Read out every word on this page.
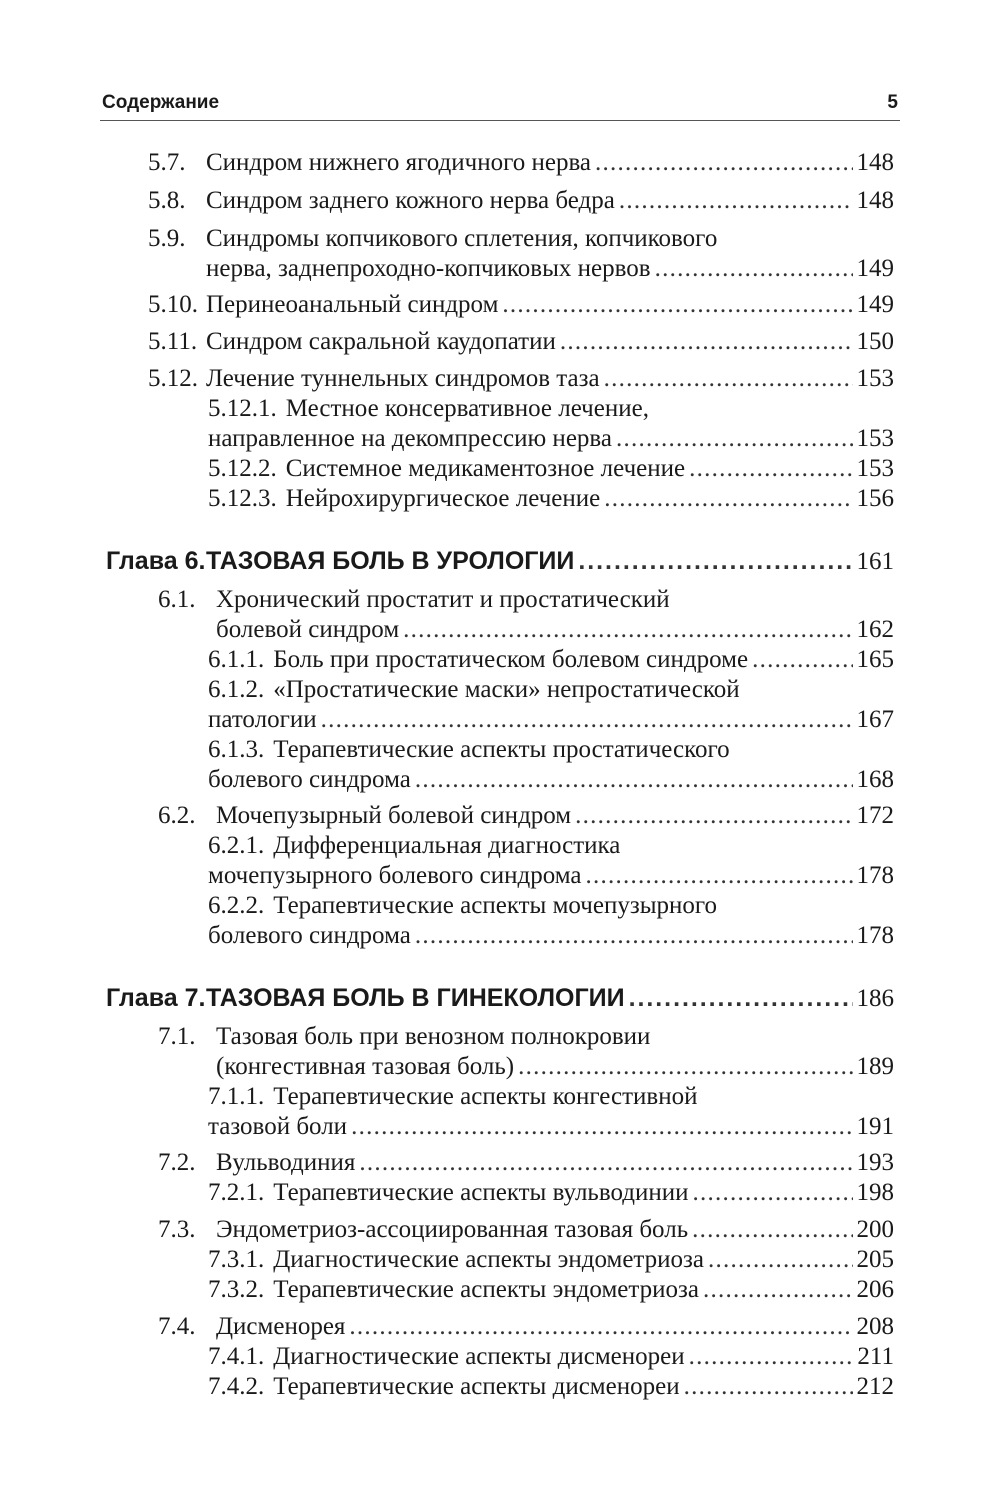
Содержание	5
5.7. Синдром нижнего ягодичного нерва . . .	148
5.8. Синдром заднего кожного нерва бедра . . .	148
5.9. Синдромы копчикового сплетения, копчикового
нерва, заднепроходно-копчиковых нервов . . .	149
5.10. Перинеоанальный синдром . . .	149
5.11. Синдром сакральной каудопатии . . .	150
5.12. Лечение туннельных синдромов таза . . .	153
5.12.1. Местное консервативное лечение,
направленное на декомпрессию нерва . . .	153
5.12.2. Системное медикаментозное лечение . . .	153
5.12.3. Нейрохирургическое лечение . . .	156
Глава 6. ТАЗОВАЯ БОЛЬ В УРОЛОГИИ . . .	161
6.1. Хронический простатит и простатический
болевой синдром . . .	162
6.1.1. Боль при простатическом болевом синдроме . . .	165
6.1.2. «Простатические маски» непростатической
патологии . . .	167
6.1.3. Терапевтические аспекты простатического
болевого синдрома . . .	168
6.2. Мочепузырный болевой синдром . . .	172
6.2.1. Дифференциальная диагностика
мочепузырного болевого синдрома . . .	178
6.2.2. Терапевтические аспекты мочепузырного
болевого синдрома . . .	178
Глава 7. ТАЗОВАЯ БОЛЬ В ГИНЕКОЛОГИИ . . .	186
7.1. Тазовая боль при венозном полнокровии
(конгестивная тазовая боль) . . .	189
7.1.1. Терапевтические аспекты конгестивной
тазовой боли . . .	191
7.2. Вульводиния . . .	193
7.2.1. Терапевтические аспекты вульводинии . . .	198
7.3. Эндометриоз-ассоциированная тазовая боль . . .	200
7.3.1. Диагностические аспекты эндометриоза . . .	205
7.3.2. Терапевтические аспекты эндометриоза . . .	206
7.4. Дисменорея . . .	208
7.4.1. Диагностические аспекты дисменореи . . .	211
7.4.2. Терапевтические аспекты дисменореи . . .	212
